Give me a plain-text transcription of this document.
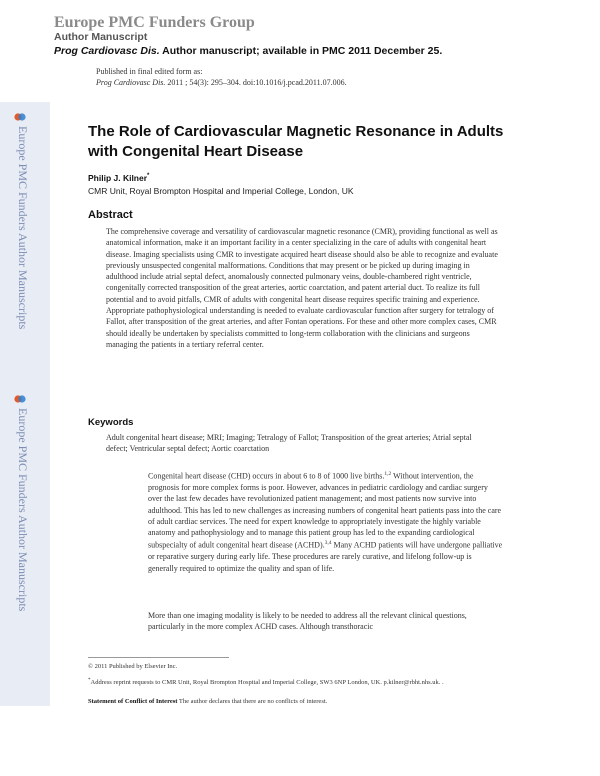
Europe PMC Funders Group
Author Manuscript
Prog Cardiovasc Dis. Author manuscript; available in PMC 2011 December 25.
Published in final edited form as:
Prog Cardiovasc Dis. 2011 ; 54(3): 295–304. doi:10.1016/j.pcad.2011.07.006.
Europe PMC Funders Author Manuscripts
Europe PMC Funders Author Manuscripts
The Role of Cardiovascular Magnetic Resonance in Adults with Congenital Heart Disease
Philip J. Kilner*
CMR Unit, Royal Brompton Hospital and Imperial College, London, UK
Abstract
The comprehensive coverage and versatility of cardiovascular magnetic resonance (CMR), providing functional as well as anatomical information, make it an important facility in a center specializing in the care of adults with congenital heart disease. Imaging specialists using CMR to investigate acquired heart disease should also be able to recognize and evaluate previously unsuspected congenital malformations. Conditions that may present or be picked up during imaging in adulthood include atrial septal defect, anomalously connected pulmonary veins, double-chambered right ventricle, congenitally corrected transposition of the great arteries, aortic coarctation, and patent arterial duct. To realize its full potential and to avoid pitfalls, CMR of adults with congenital heart disease requires specific training and experience. Appropriate pathophysiological understanding is needed to evaluate cardiovascular function after surgery for tetralogy of Fallot, after transposition of the great arteries, and after Fontan operations. For these and other more complex cases, CMR should ideally be undertaken by specialists committed to long-term collaboration with the clinicians and surgeons managing the patients in a tertiary referral center.
Keywords
Adult congenital heart disease; MRI; Imaging; Tetralogy of Fallot; Transposition of the great arteries; Atrial septal defect; Ventricular septal defect; Aortic coarctation
Congenital heart disease (CHD) occurs in about 6 to 8 of 1000 live births.$^{1,2}$ Without intervention, the prognosis for more complex forms is poor. However, advances in pediatric cardiology and cardiac surgery over the last few decades have revolutionized patient management; and most patients now survive into adulthood. This has led to new challenges as increasing numbers of congenital heart patients pass into the care of adult cardiac services. The need for expert knowledge to appropriately investigate the highly variable anatomy and pathophysiology and to manage this patient group has led to the expanding cardiological subspecialty of adult congenital heart disease (ACHD).$^{3,4}$ Many ACHD patients will have undergone palliative or reparative surgery during early life. These procedures are rarely curative, and lifelong follow-up is generally required to optimize the quality and span of life.
More than one imaging modality is likely to be needed to address all the relevant clinical questions, particularly in the more complex ACHD cases. Although transthoracic
© 2011 Published by Elsevier Inc.
*Address reprint requests to CMR Unit, Royal Brompton Hospital and Imperial College, SW3 6NP London, UK. p.kilner@rbht.nhs.uk. .
Statement of Conflict of Interest The author declares that there are no conflicts of interest.
